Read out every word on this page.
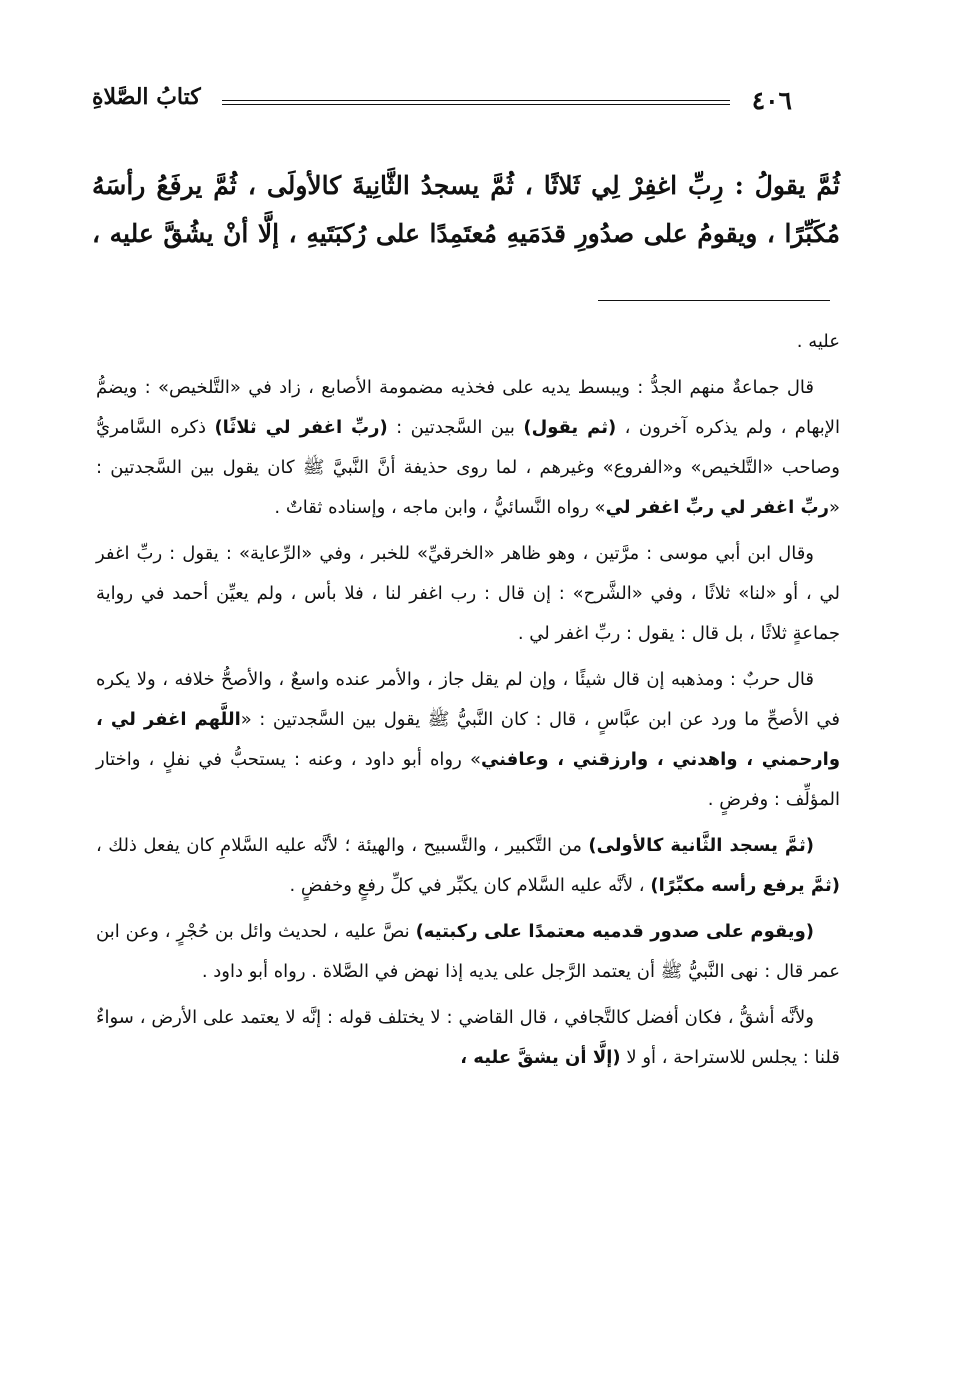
٤٠٦
كتابُ الصَّلاةِ

ثُمَّ يقولُ : رِبِّ اغفِرْ لِي ثَلاثًا ، ثُمَّ يسجدُ الثَّانِيةَ كالأولَى ، ثُمَّ يرفَعُ رأسَهُ مُكَبِّرًا ، ويقومُ على صدُورِ قدَمَيهِ مُعتَمِدًا على رُكبَتَيهِ ، إلَّا أنْ يشُقَّ عليه ،

عليه .

قال جماعةٌ منهم الجدُّ : ويبسط يديه على فخذيه مضمومة الأصابع ، زاد في «التَّلخيص» : ويضمُّ الإبهام ، ولم يذكره آخرون ، (ثم يقول) بين السَّجدتين : (ربِّ اغفر لي ثلاثًا) ذكره السَّامريُّ وصاحب «التَّلخيص» و«الفروع» وغيرهم ، لما روى حذيفة أنَّ النَّبيَّ ﷺ كان يقول بين السَّجدتين : «ربِّ اغفر لي ربِّ اغفر لي» رواه النَّسائيُّ ، وابن ماجه ، وإسناده ثقاتٌ .

وقال ابن أبي موسى : مرَّتين ، وهو ظاهر «الخرقيِّ» للخبر ، وفي «الرِّعاية» : يقول : ربِّ اغفر لي ، أو «لنا» ثلاثًا ، وفي «الشَّرح» : إن قال : رب اغفر لنا ، فلا بأس ، ولم يعيِّن أحمد في رواية جماعةٍ ثلاثًا ، بل قال : يقول : ربِّ اغفر لي .

قال حربٌ : ومذهبه إن قال شيئًا ، وإن لم يقل جاز ، والأمر عنده واسعٌ ، والأصحُّ خلافه ، ولا يكره في الأصحِّ ما ورد عن ابن عبَّاسٍ ، قال : كان النَّبيُّ ﷺ يقول بين السَّجدتين : «اللَّهم اغفر لي ، وارحمني ، واهدني ، وارزقني ، وعافني» رواه أبو داود ، وعنه : يستحبُّ في نفلٍ ، واختار المؤلِّف : وفرضٍ .

(ثمَّ يسجد الثَّانية كالأولى) من التَّكبير ، والتَّسبيح ، والهيئة ؛ لأنَّه عليه السَّلامِ كان يفعل ذلك ، (ثمَّ يرفع رأسه مكبِّرًا) ، لأنَّه عليه السَّلام كان يكبِّر في كلِّ رفعٍ وخفضٍ .

(ويقوم على صدور قدميه معتمدًا على ركبتيه) نصَّ عليه ، لحديث وائل بن حُجْرٍ ، وعن ابن عمر قال : نهى النَّبيُّ ﷺ أن يعتمد الرَّجل على يديه إذا نهض في الصَّلاة . رواه أبو داود .

ولأنَّه أشقُّ ، فكان أفضل كالتَّجافي ، قال القاضي : لا يختلف قوله : إنَّه لا يعتمد على الأرض ، سواءٌ قلنا : يجلس للاستراحة ، أو لا (إلَّا أن يشقَّ عليه ،
